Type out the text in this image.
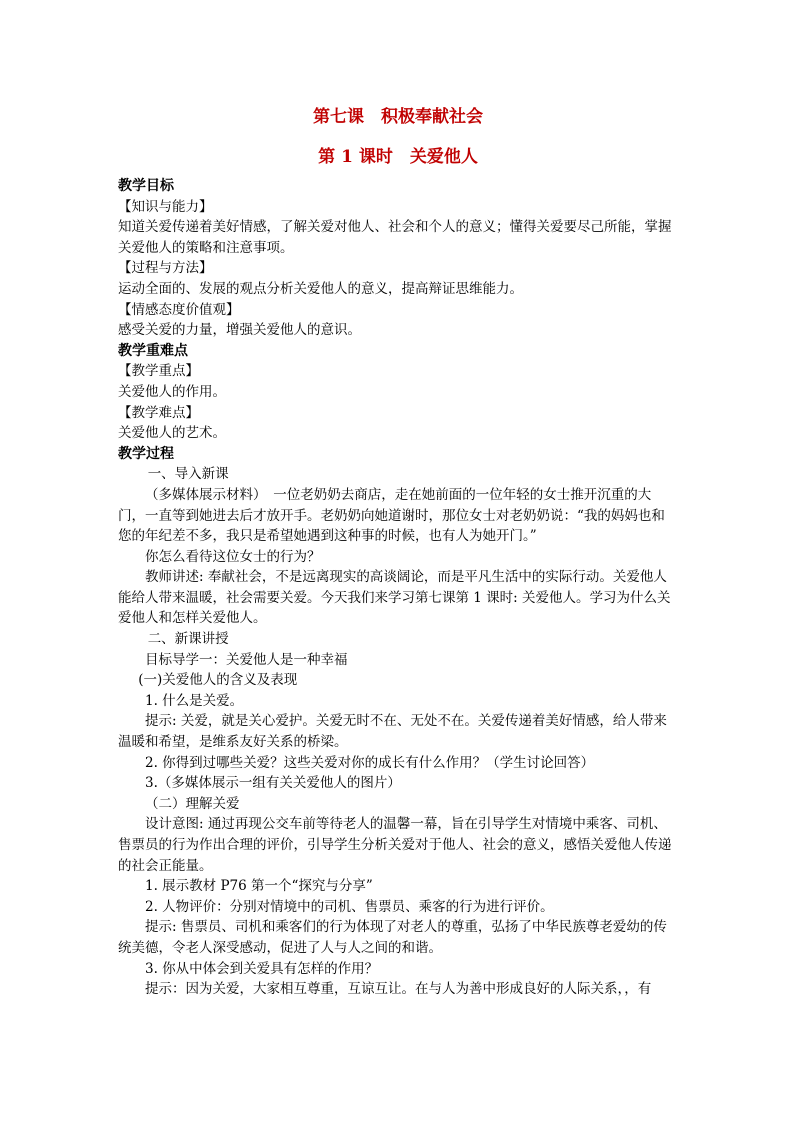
第七课　积极奉献社会
第 1 课时　关爱他人

教学目标

【知识与能力】

知道关爱传递着美好情感，了解关爱对他人、社会和个人的意义；懂得关爱要尽己所能，掌握关爱他人的策略和注意事项。

【过程与方法】

运动全面的、发展的观点分析关爱他人的意义，提高辩证思维能力。

【情感态度价值观】

感受关爱的力量，增强关爱他人的意识。

教学重难点

【教学重点】

关爱他人的作用。

【教学难点】

关爱他人的艺术。

教学过程

一、导入新课

（多媒体展示材料）　一位老奶奶去商店，走在她前面的一位年轻的女士推开沉重的大门，一直等到她进去后才放开手。老奶奶向她道谢时，那位女士对老奶奶说：“我的妈妈也和您的年纪差不多，我只是希望她遇到这种事的时候，也有人为她开门。”

你怎么看待这位女士的行为？

教师讲述: 奉献社会，不是远离现实的高谈阔论，而是平凡生活中的实际行动。关爱他人能给人带来温暖，社会需要关爱。今天我们来学习第七课第 1 课时: 关爱他人。学习为什么关爱他人和怎样关爱他人。

二、新课讲授

目标导学一：关爱他人是一种幸福

(一)关爱他人的含义及表现

1. 什么是关爱。

提示: 关爱，就是关心爱护。关爱无时不在、无处不在。关爱传递着美好情感，给人带来温暖和希望，是维系友好关系的桥梁。

2. 你得到过哪些关爱？这些关爱对你的成长有什么作用？（学生讨论回答）

3.（多媒体展示一组有关关爱他人的图片）

（二）理解关爱

设计意图: 通过再现公交车前等待老人的温馨一幕，旨在引导学生对情境中乘客、司机、售票员的行为作出合理的评价，引导学生分析关爱对于他人、社会的意义，感悟关爱他人传递的社会正能量。

1. 展示教材 P76 第一个“探究与分享”

2. 人物评价：分别对情境中的司机、售票员、乘客的行为进行评价。

提示: 售票员、司机和乘客们的行为体现了对老人的尊重，弘扬了中华民族尊老爱幼的传统美德，令老人深受感动，促进了人与人之间的和谐。

3. 你从中体会到关爱具有怎样的作用？

提示：因为关爱，大家相互尊重，互谅互让。在与人为善中形成良好的人际关系，，有
